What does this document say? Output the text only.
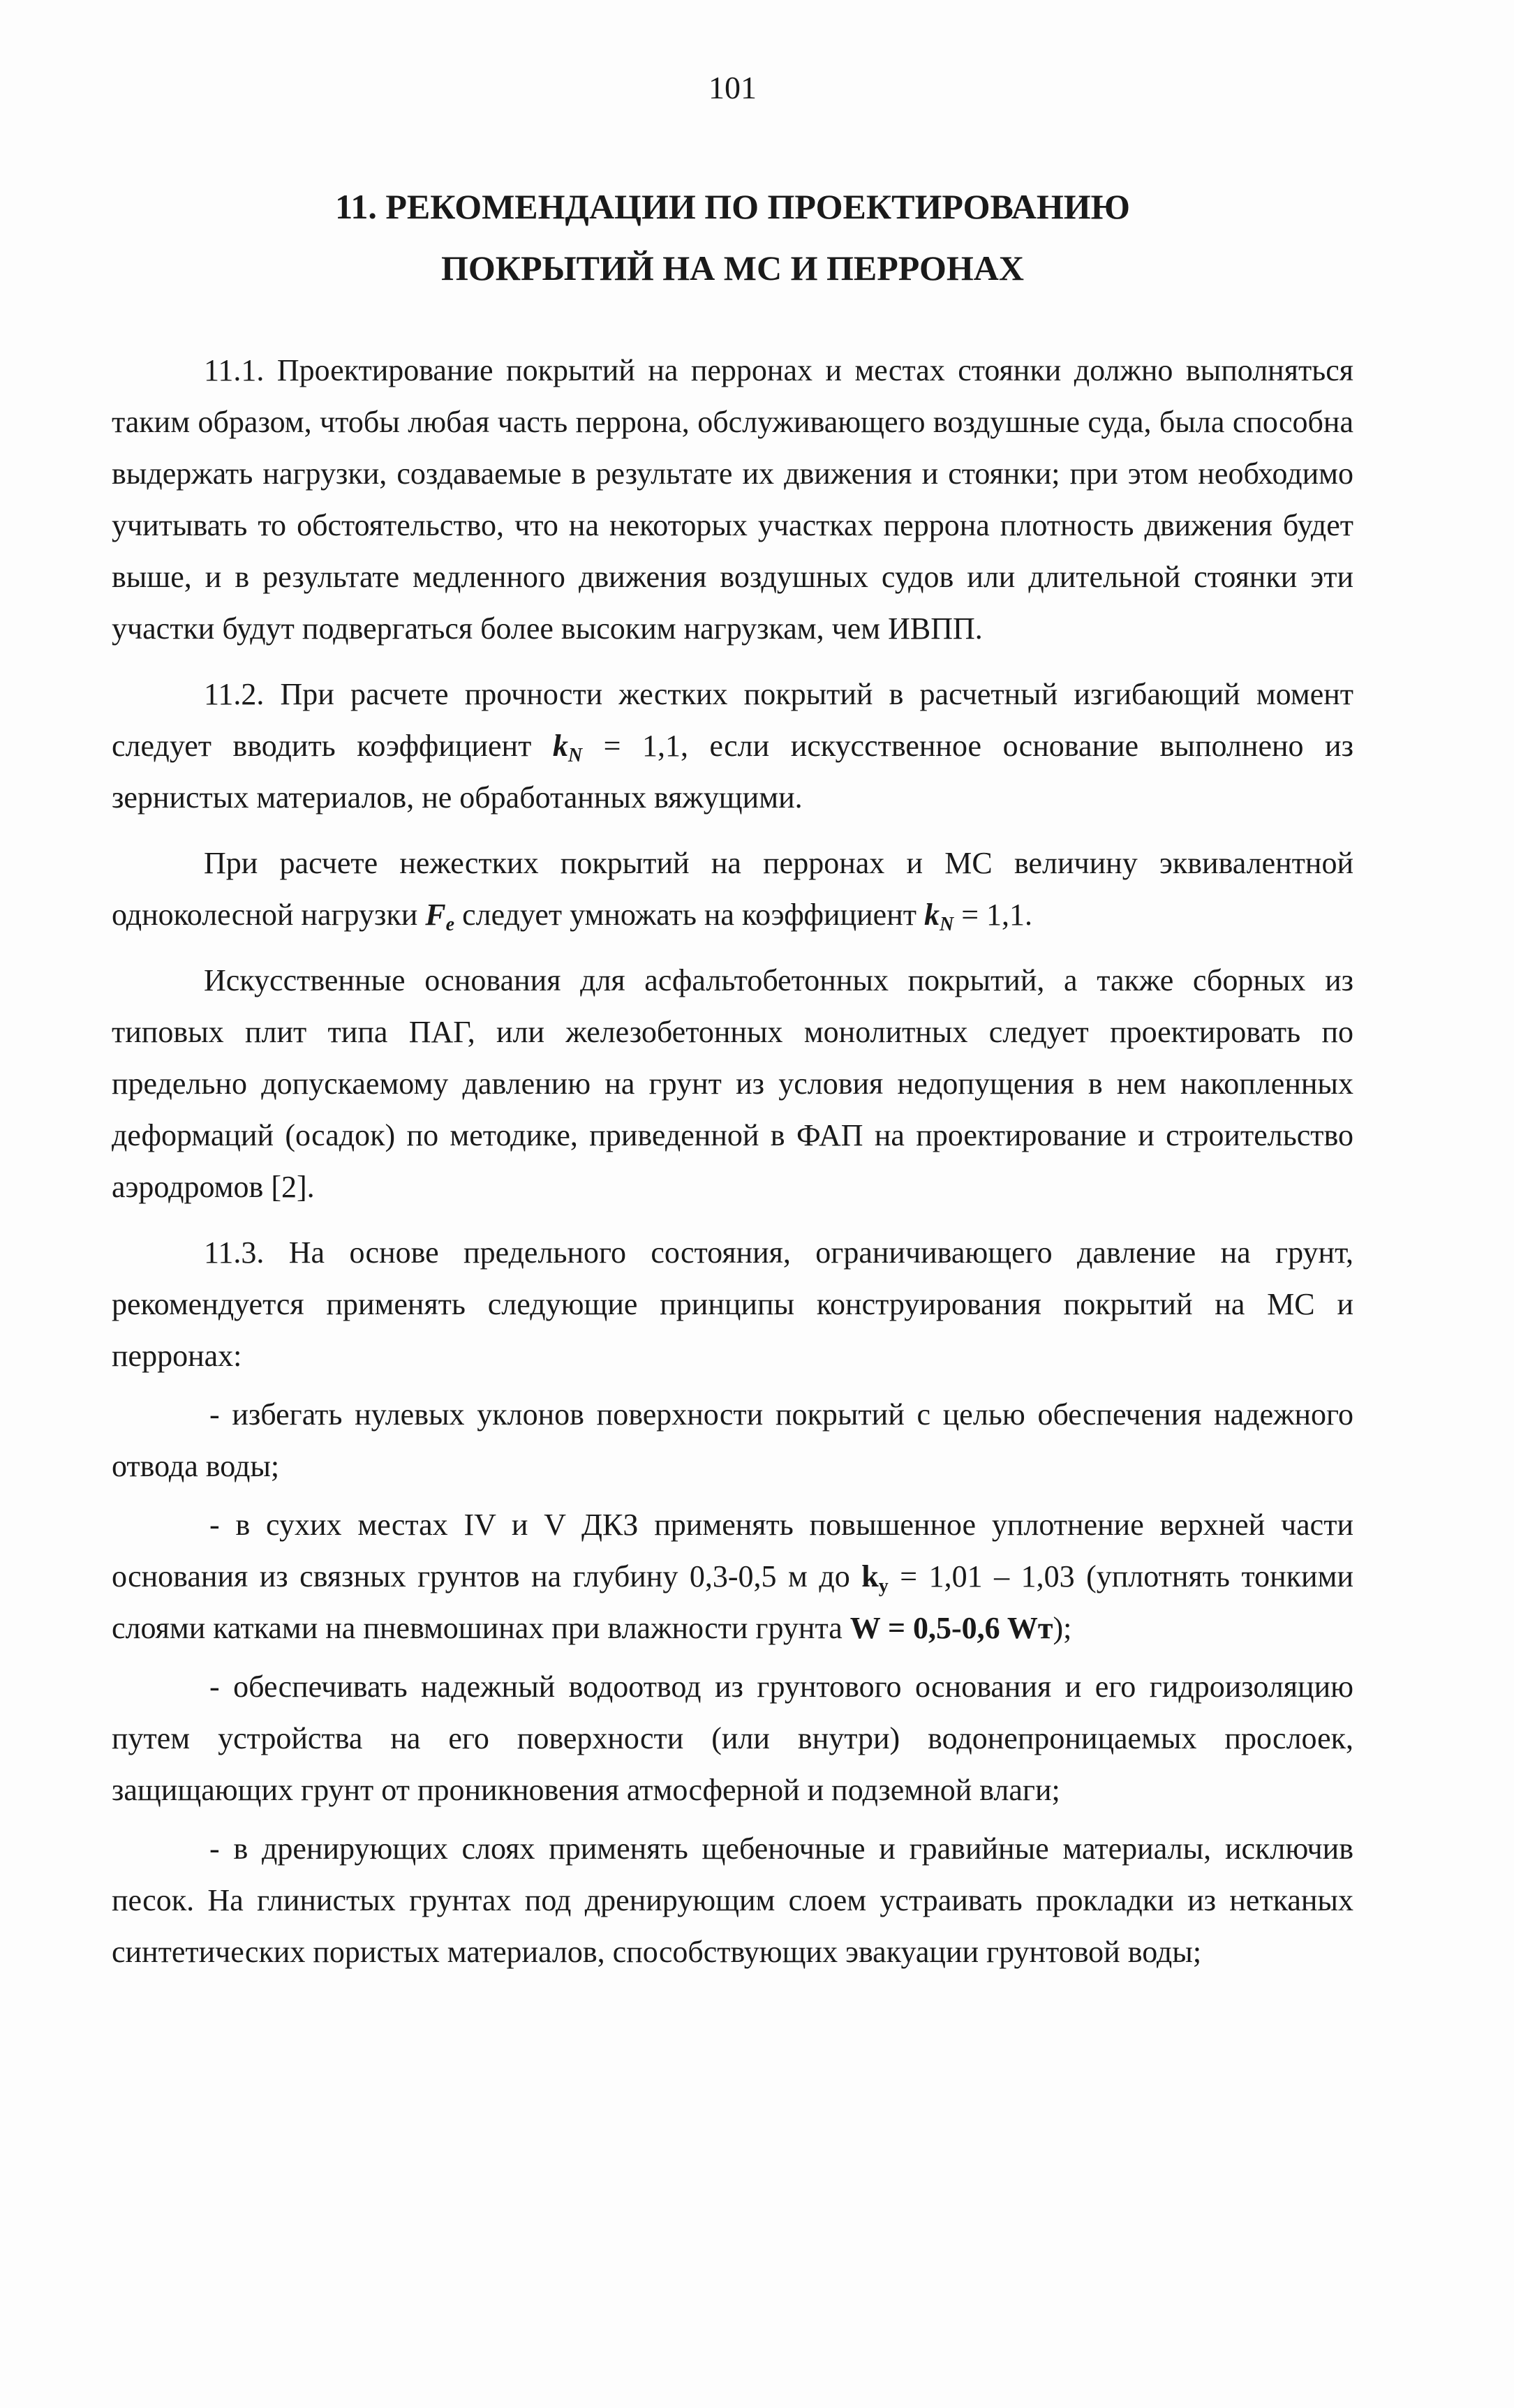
101

11. РЕКОМЕНДАЦИИ ПО ПРОЕКТИРОВАНИЮ
ПОКРЫТИЙ НА МС И ПЕРРОНАХ

11.1. Проектирование покрытий на перронах и местах стоянки должно выполняться таким образом, чтобы любая часть перрона, обслуживающего воздушные суда, была способна выдержать нагрузки, создаваемые в результате их движения и стоянки; при этом необходимо учитывать то обстоятельство, что на некоторых участках перрона плотность движения будет выше, и в результате медленного движения воздушных судов или длительной стоянки эти участки будут подвергаться более высоким нагрузкам, чем ИВПП.

11.2. При расчете прочности жестких покрытий в расчетный изгибающий момент следует вводить коэффициент $k_N = 1,1$, если искусственное основание выполнено из зернистых материалов, не обработанных вяжущими.

При расчете нежестких покрытий на перронах и МС величину эквивалентной одноколесной нагрузки $F_e$ следует умножать на коэффициент $k_N = 1,1$.

Искусственные основания для асфальтобетонных покрытий, а также сборных из типовых плит типа ПАГ, или железобетонных монолитных следует проектировать по предельно допускаемому давлению на грунт из условия недопущения в нем накопленных деформаций (осадок) по методике, приведенной в ФАП на проектирование и строительство аэродромов [2].

11.3. На основе предельного состояния, ограничивающего давление на грунт, рекомендуется применять следующие принципы конструирования покрытий на МС и перронах:

- избегать нулевых уклонов поверхности покрытий с целью обеспечения надежного отвода воды;

- в сухих местах IV и V ДКЗ применять повышенное уплотнение верхней части основания из связных грунтов на глубину 0,3-0,5 м до $k_y = 1,01 - 1,03$ (уплотнять тонкими слоями катками на пневмошинах при влажности грунта W = 0,5-0,6 Wт);

- обеспечивать надежный водоотвод из грунтового основания и его гидроизоляцию путем устройства на его поверхности (или внутри) водонепроницаемых прослоек, защищающих грунт от проникновения атмосферной и подземной влаги;

- в дренирующих слоях применять щебеночные и гравийные материалы, исключив песок. На глинистых грунтах под дренирующим слоем устраивать прокладки из нетканых синтетических пористых материалов, способствующих эвакуации грунтовой воды;
